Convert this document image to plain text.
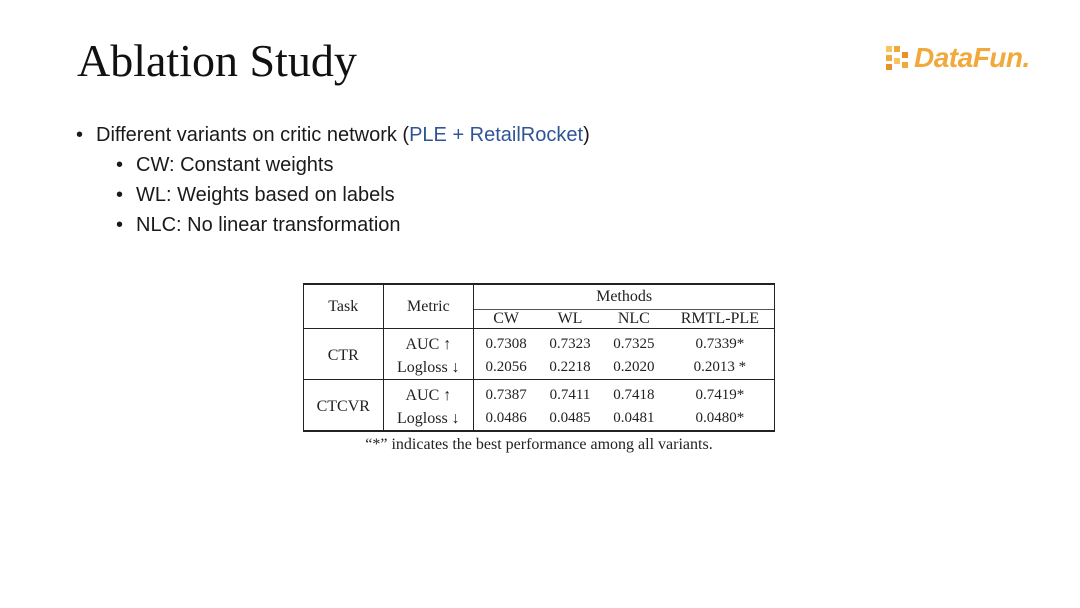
Ablation Study	DataFun.
• Different variants on critic network (PLE + RetailRocket)
• CW: Constant weights
• WL: Weights based on labels
• NLC: No linear transformation
Task	Metric	Methods			
		CW	WL	NLC	RMTL-PLE

CTR	AUC ↑	0.7308	0.7323	0.7325	0.7339*
	Logloss ↓	0.2056	0.2218	0.2020	0.2013 *

CTCVR	AUC ↑	0.7387	0.7411	0.7418	0.7419*
	Logloss ↓	0.0486	0.0485	0.0481	0.0480*
“*” indicates the best performance among all variants.
